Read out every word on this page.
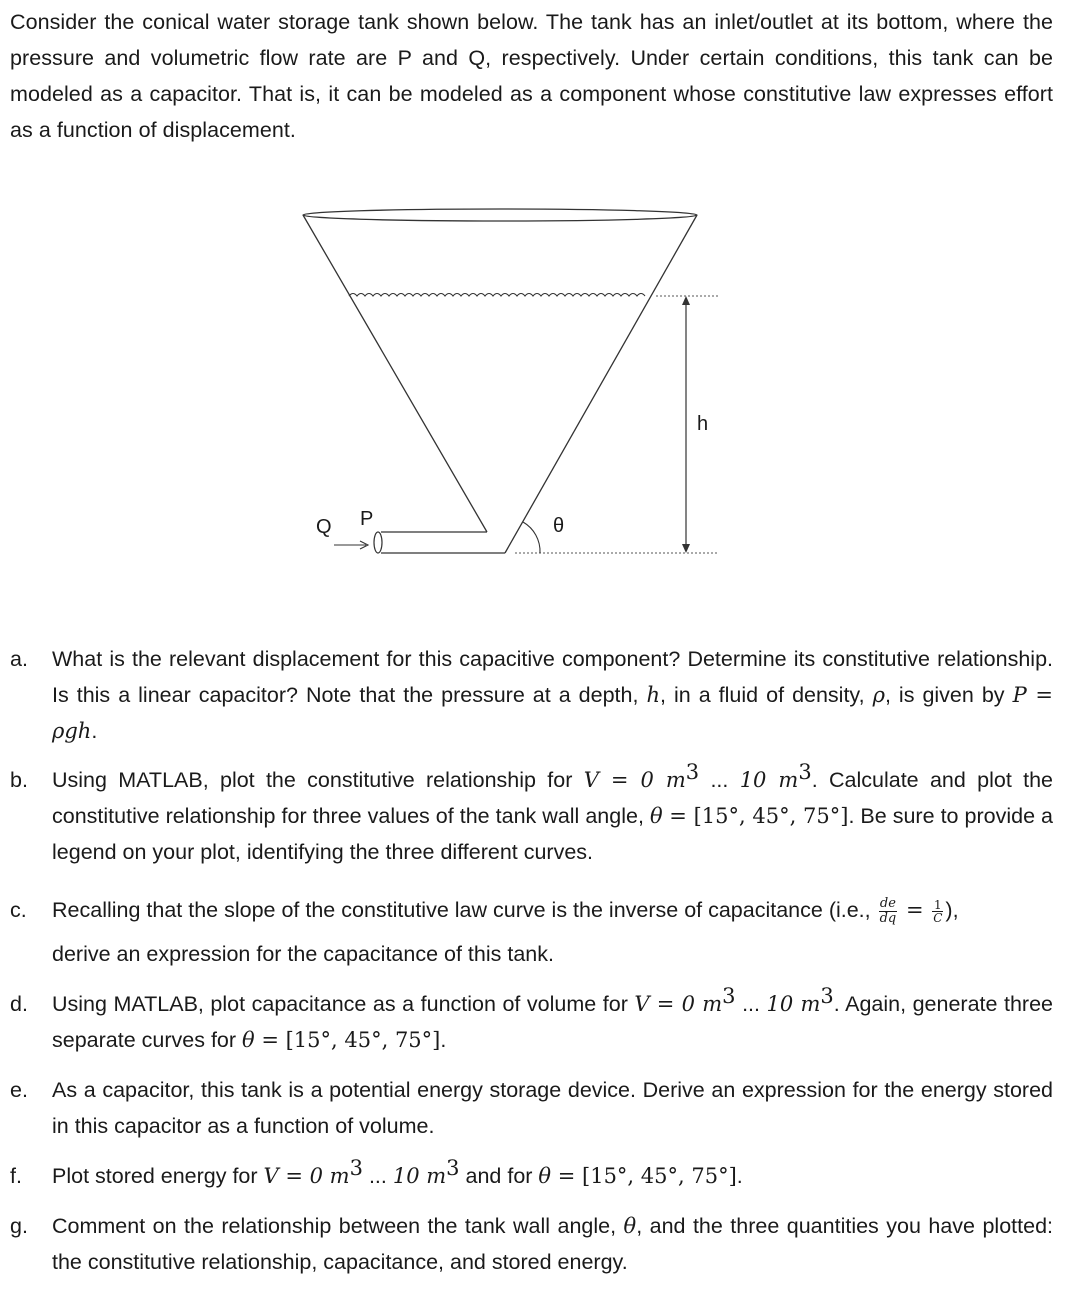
Consider the conical water storage tank shown below. The tank has an inlet/outlet at its bottom, where the pressure and volumetric flow rate are P and Q, respectively. Under certain conditions, this tank can be modeled as a capacitor. That is, it can be modeled as a component whose constitutive law expresses effort as a function of displacement.
h
Q P	θ
a. What is the relevant displacement for this capacitive component? Determine its constitutive relationship. Is this a linear capacitor? Note that the pressure at a depth, h, in a fluid of density, ρ, is given by P = ρgh.
b. Using MATLAB, plot the constitutive relationship for V = 0 $m^3$ ... 10 $m^3$. Calculate and plot the constitutive relationship for three values of the tank wall angle, θ = [15°, 45°, 75°]. Be sure to provide a legend on your plot, identifying the three different curves.
c. Recalling that the slope of the constitutive law curve is the inverse of capacitance (i.e., $\frac{de}{dq} = \frac{1}{C}$ ),
derive an expression for the capacitance of this tank.
d. Using MATLAB, plot capacitance as a function of volume for V = 0 $m^3$ ... 10 $m^3$. Again, generate three separate curves for θ = [15°, 45°, 75°].
e. As a capacitor, this tank is a potential energy storage device. Derive an expression for the energy stored in this capacitor as a function of volume.
f. Plot stored energy for V = 0 $m^3$ ... 10 $m^3$ and for θ = [15°, 45°, 75°].
g. Comment on the relationship between the tank wall angle, θ, and the three quantities you have plotted: the constitutive relationship, capacitance, and stored energy.
